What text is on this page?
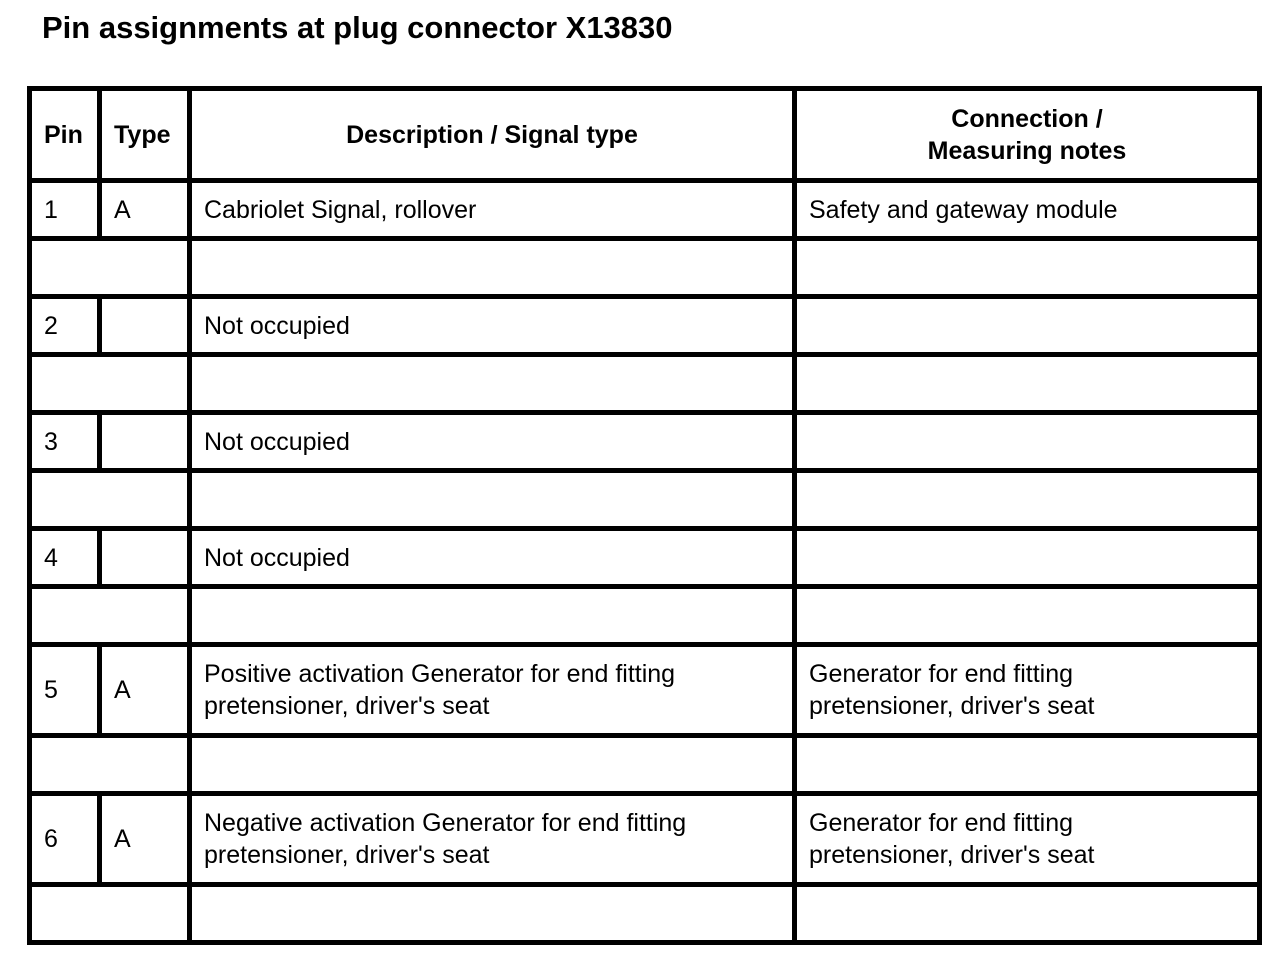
Pin assignments at plug connector X13830
Pin	Type	Description / Signal type	Connection /
Measuring notes

1	A	Cabriolet Signal, rollover	Safety and gateway module

2		Not occupied	

3		Not occupied	

4		Not occupied	

5	A	Positive activation Generator for end fitting
pretensioner, driver's seat	Generator for end fitting
pretensioner, driver's seat

6	A	Negative activation Generator for end fitting
pretensioner, driver's seat	Generator for end fitting
pretensioner, driver's seat
